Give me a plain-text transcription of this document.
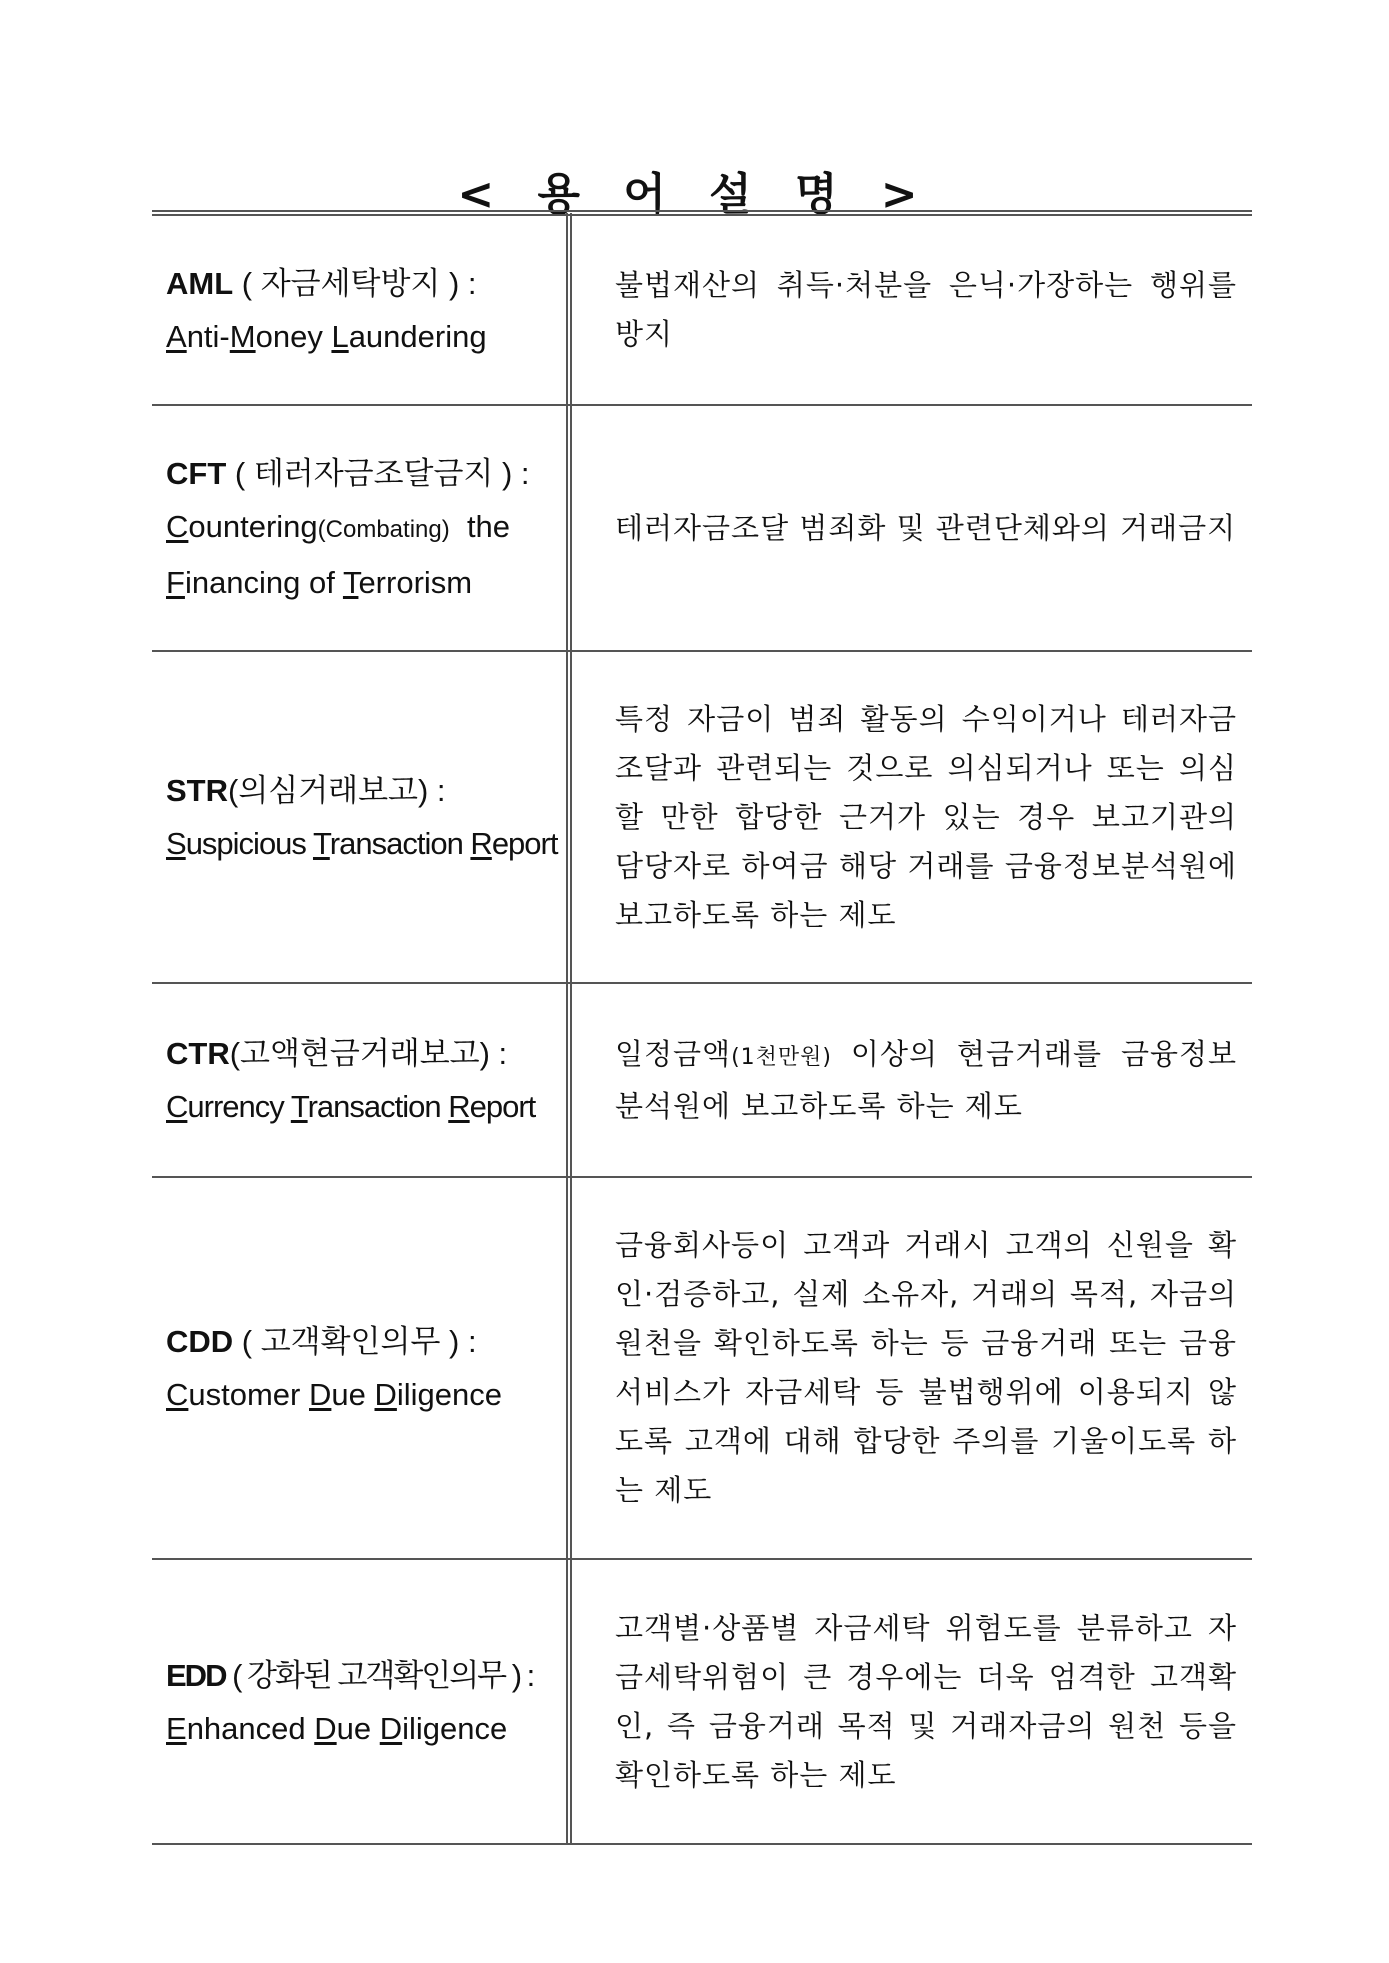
< 용 어 설 명 >
AML ( 자금세탁방지 ) :
Anti-Money Laundering
불법재산의 취득·처분을 은닉·가장하는 행위를 방지
CFT ( 테러자금조달금지 ) :
Countering(Combating)  the
Financing of Terrorism
테러자금조달 범죄화 및 관련단체와의 거래금지
STR(의심거래보고) :
Suspicious Transaction Report
특정 자금이 범죄 활동의 수익이거나 테러자금조달과 관련되는 것으로 의심되거나 또는 의심할 만한 합당한 근거가 있는 경우 보고기관의 담당자로 하여금 해당 거래를 금융정보분석원에 보고하도록 하는 제도
CTR(고액현금거래보고) :
Currency Transaction Report
일정금액(1천만원) 이상의 현금거래를 금융정보분석원에 보고하도록 하는 제도
CDD ( 고객확인의무 ) :
Customer Due Diligence
금융회사등이 고객과 거래시 고객의 신원을 확인·검증하고, 실제 소유자, 거래의 목적, 자금의 원천을 확인하도록 하는 등 금융거래 또는 금융서비스가 자금세탁 등 불법행위에 이용되지 않도록 고객에 대해 합당한 주의를 기울이도록 하는 제도
EDD ( 강화된 고객확인의무 ) :
Enhanced Due Diligence
고객별·상품별 자금세탁 위험도를 분류하고 자금세탁위험이 큰 경우에는 더욱 엄격한 고객확인, 즉 금융거래 목적 및 거래자금의 원천 등을 확인하도록 하는 제도
